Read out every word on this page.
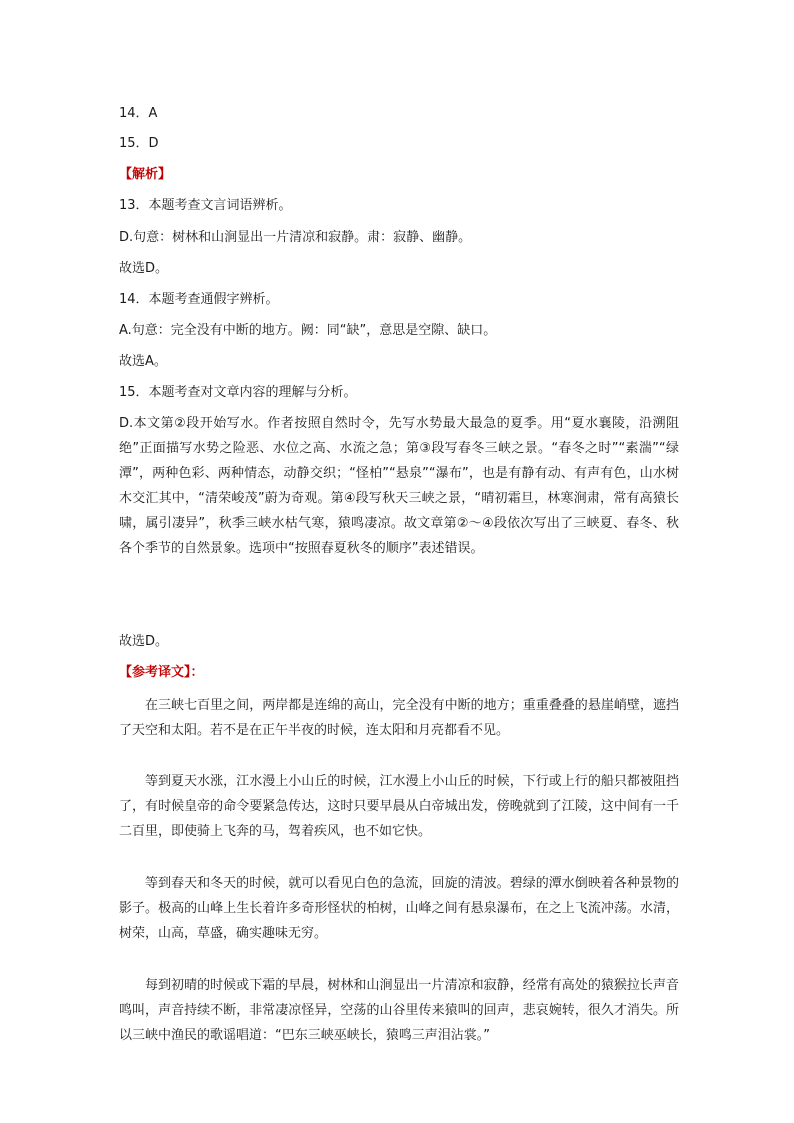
14．A
15．D
【解析】
13．本题考查文言词语辨析。
D.句意：树林和山涧显出一片清凉和寂静。肃：寂静、幽静。
故选D。
14．本题考查通假字辨析。
A.句意：完全没有中断的地方。阙：同“缺”，意思是空隙、缺口。
故选A。
15．本题考查对文章内容的理解与分析。
D.本文第②段开始写水。作者按照自然时令，先写水势最大最急的夏季。用“夏水襄陵，沿溯阻绝”正面描写水势之险恶、水位之高、水流之急；第③段写春冬三峡之景。“春冬之时”“素湍”“绿潭”，两种色彩、两种情态，动静交织；“怪柏”“悬泉”“瀑布”，也是有静有动、有声有色，山水树木交汇其中，“清荣峻茂”蔚为奇观。第④段写秋天三峡之景，“晴初霜旦，林寒涧肃，常有高猿长啸，属引凄异”，秋季三峡水枯气寒，猿鸣凄凉。故文章第②～④段依次写出了三峡夏、春冬、秋各个季节的自然景象。选项中“按照春夏秋冬的顺序”表述错误。
故选D。
【参考译文】：
在三峡七百里之间，两岸都是连绵的高山，完全没有中断的地方；重重叠叠的悬崖峭壁，遮挡了天空和太阳。若不是在正午半夜的时候，连太阳和月亮都看不见。
等到夏天水涨，江水漫上小山丘的时候，江水漫上小山丘的时候，下行或上行的船只都被阻挡了，有时候皇帝的命令要紧急传达，这时只要早晨从白帝城出发，傍晚就到了江陵，这中间有一千二百里，即使骑上飞奔的马，驾着疾风，也不如它快。
等到春天和冬天的时候，就可以看见白色的急流，回旋的清波。碧绿的潭水倒映着各种景物的影子。极高的山峰上生长着许多奇形怪状的柏树，山峰之间有悬泉瀑布，在之上飞流冲荡。水清，树荣，山高，草盛，确实趣味无穷。
每到初晴的时候或下霜的早晨，树林和山涧显出一片清凉和寂静，经常有高处的猿猴拉长声音鸣叫，声音持续不断，非常凄凉怪异，空荡的山谷里传来猿叫的回声，悲哀婉转，很久才消失。所以三峡中渔民的歌谣唱道：“巴东三峡巫峡长，猿鸣三声泪沾裳。”
